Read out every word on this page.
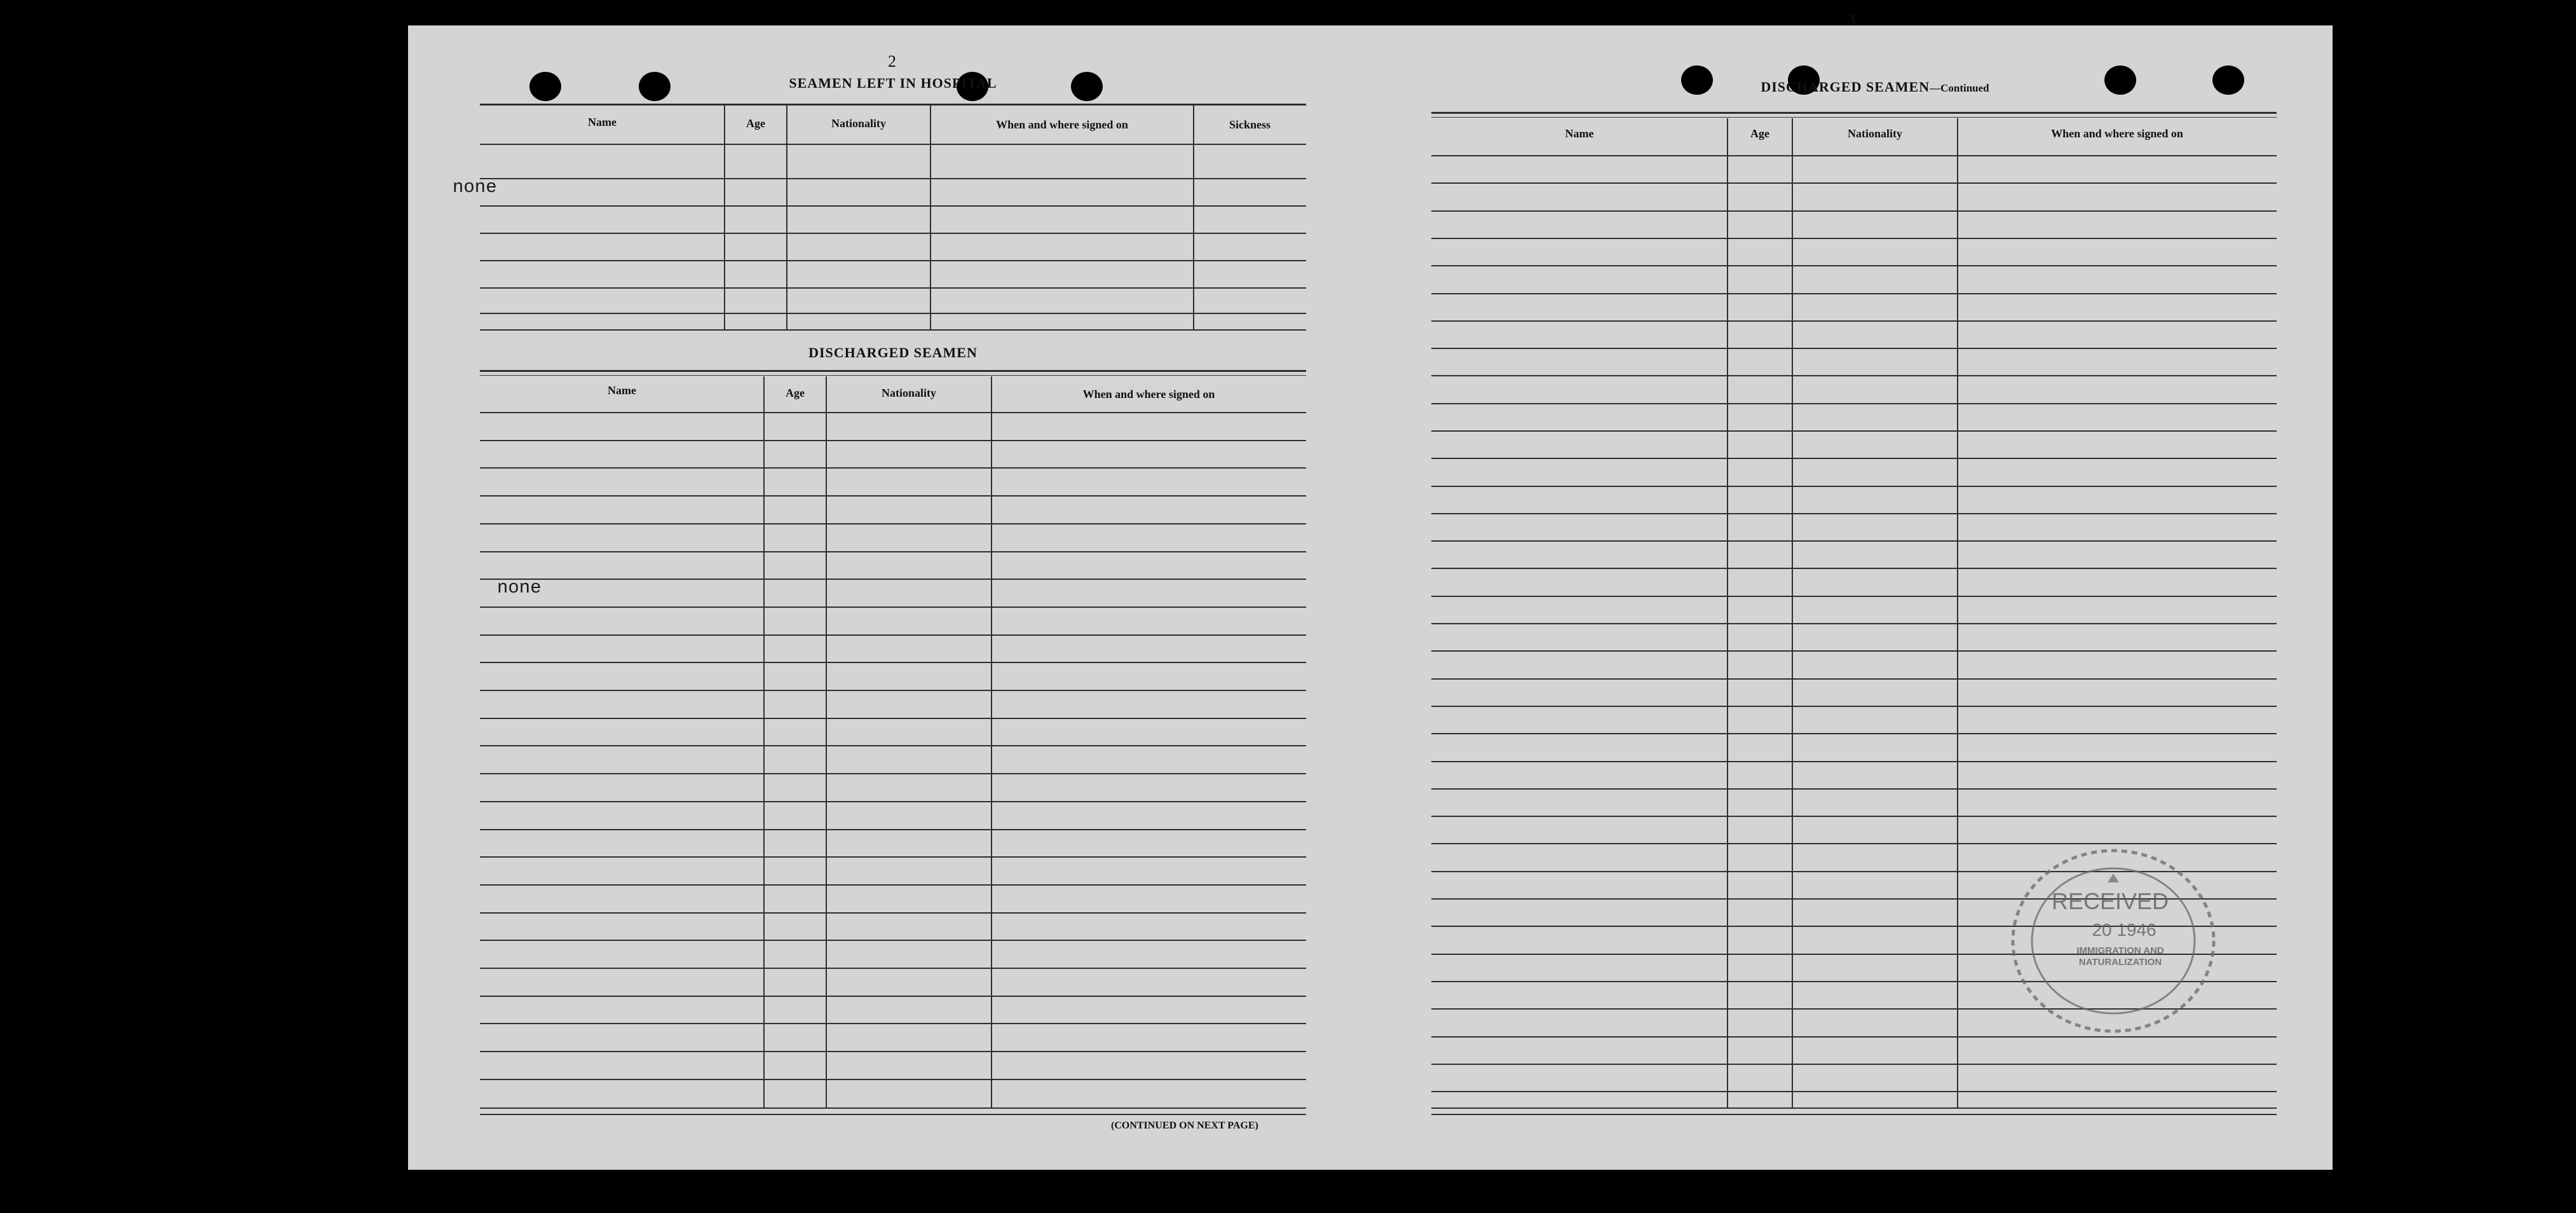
2
SEAMEN LEFT IN HOSPITAL
Name	Age	Nationality	When and where signed on	Sickness
none
DISCHARGED SEAMEN
Name	Age	Nationality	When and where signed on
none
(CONTINUED ON NEXT PAGE)
3
DISCHARGED SEAMEN—Continued
Name	Age	Nationality	When and where signed on
RECEIVED
20 1946
IMMIGRATION AND
NATURALIZATION
